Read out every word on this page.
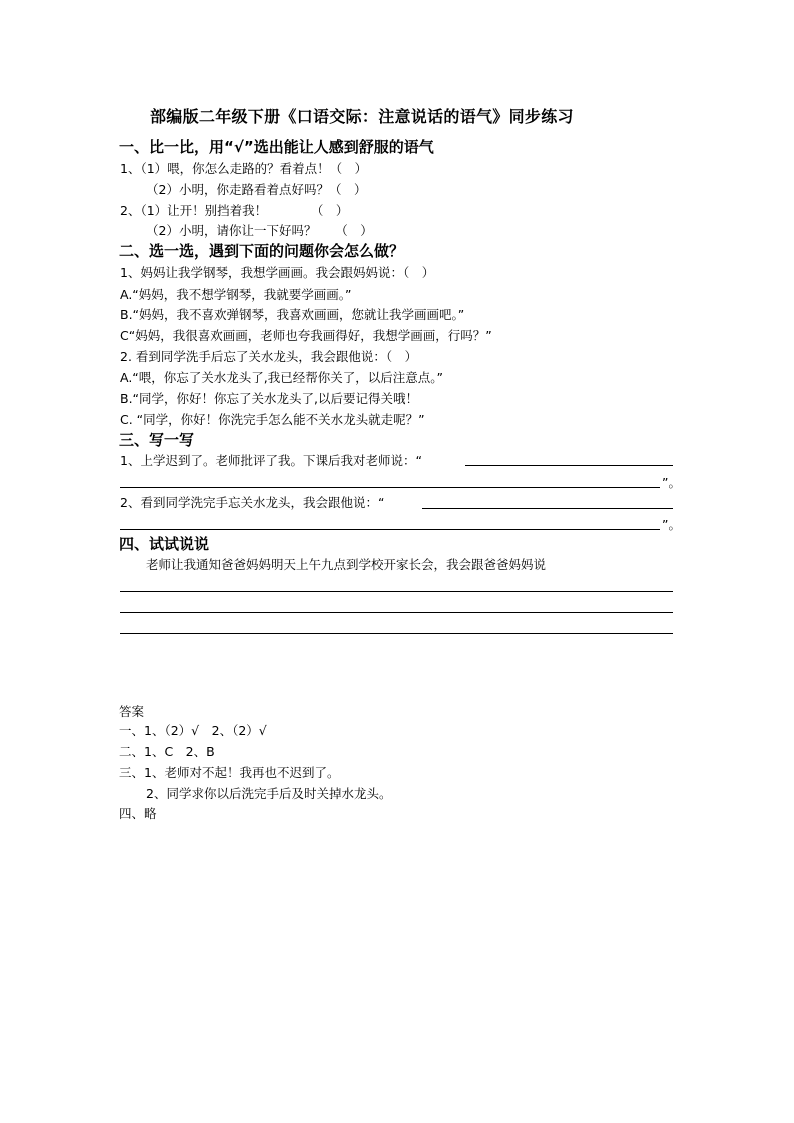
部编版二年级下册《口语交际：注意说话的语气》同步练习
一、比一比，用“√”选出能让人感到舒服的语气
1、（1）喂，你怎么走路的？看着点！（　）
（2）小明，你走路看着点好吗？（　）
2、（1）让开！别挡着我！　　　　（　）
（2）小明，请你让一下好吗？　　（　）
二、选一选，遇到下面的问题你会怎么做？
1、妈妈让我学钢琴，我想学画画。我会跟妈妈说：（　）
A.“妈妈，我不想学钢琴，我就要学画画。”
B.“妈妈，我不喜欢弹钢琴，我喜欢画画，您就让我学画画吧。”
C“妈妈，我很喜欢画画，老师也夸我画得好，我想学画画，行吗？”
2. 看到同学洗手后忘了关水龙头，我会跟他说：（　）
A.“喂，你忘了关水龙头了,我已经帮你关了，以后注意点。”
B.“同学，你好！你忘了关水龙头了,以后要记得关哦！
C. “同学，你好！你洗完手怎么能不关水龙头就走呢？”
三、写一写
1、上学迟到了。老师批评了我。下课后我对老师说：“
”。
2、看到同学洗完手忘关水龙头，我会跟他说：“
”。
四、试试说说
老师让我通知爸爸妈妈明天上午九点到学校开家长会，我会跟爸爸妈妈说
答案
一、1、（2）√　2、（2）√
二、1、C　2、B
三、1、老师对不起！我再也不迟到了。
2、同学求你以后洗完手后及时关掉水龙头。
四、略
